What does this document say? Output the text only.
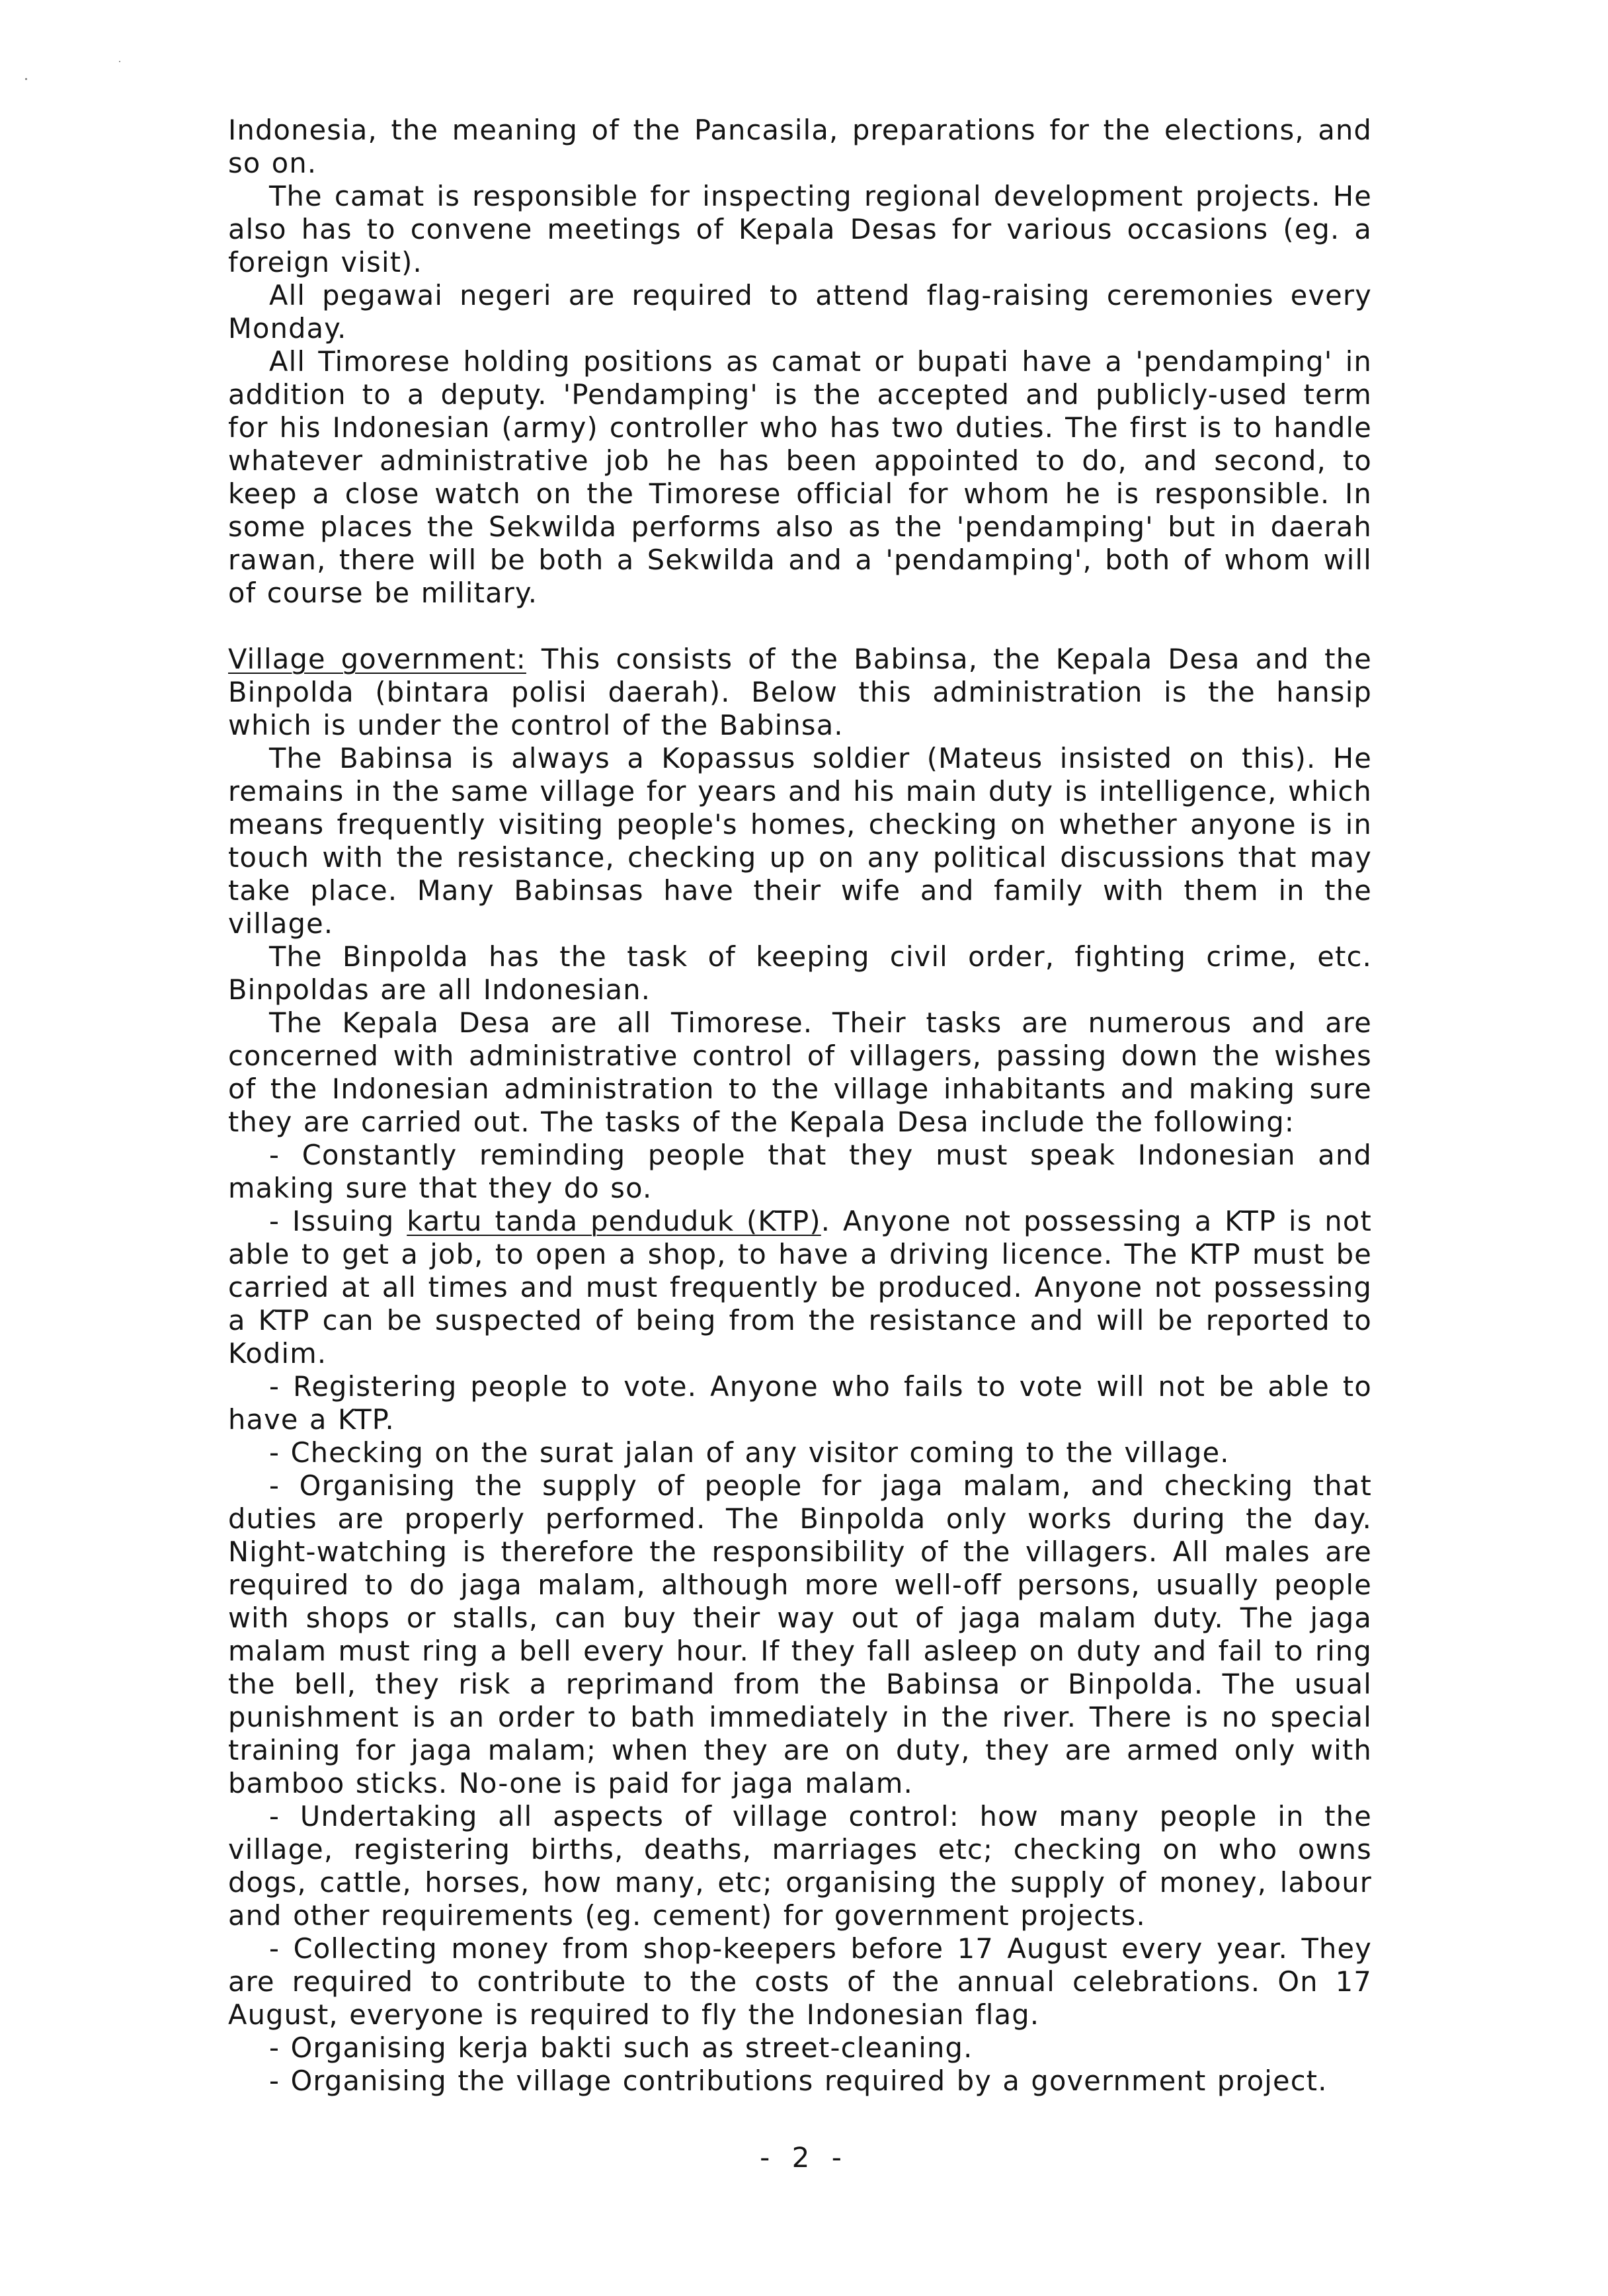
Indonesia, the meaning of the Pancasila, preparations for the elections, and so on.

The camat is responsible for inspecting regional development projects. He also has to convene meetings of Kepala Desas for various occasions (eg. a foreign visit).

All pegawai negeri are required to attend flag-raising ceremonies every Monday.

All Timorese holding positions as camat or bupati have a 'pendamping' in addition to a deputy. 'Pendamping' is the accepted and publicly-used term for his Indonesian (army) controller who has two duties. The first is to handle whatever administrative job he has been appointed to do, and second, to keep a close watch on the Timorese official for whom he is responsible. In some places the Sekwilda performs also as the 'pendamping' but in daerah rawan, there will be both a Sekwilda and a 'pendamping', both of whom will of course be military.

Village government: This consists of the Babinsa, the Kepala Desa and the Binpolda (bintara polisi daerah). Below this administration is the hansip which is under the control of the Babinsa.

The Babinsa is always a Kopassus soldier (Mateus insisted on this). He remains in the same village for years and his main duty is intelligence, which means frequently visiting people's homes, checking on whether anyone is in touch with the resistance, checking up on any political discussions that may take place. Many Babinsas have their wife and family with them in the village.

The Binpolda has the task of keeping civil order, fighting crime, etc. Binpoldas are all Indonesian.

The Kepala Desa are all Timorese. Their tasks are numerous and are concerned with administrative control of villagers, passing down the wishes of the Indonesian administration to the village inhabitants and making sure they are carried out. The tasks of the Kepala Desa include the following:

- Constantly reminding people that they must speak Indonesian and making sure that they do so.

- Issuing kartu tanda penduduk (KTP). Anyone not possessing a KTP is not able to get a job, to open a shop, to have a driving licence. The KTP must be carried at all times and must frequently be produced. Anyone not possessing a KTP can be suspected of being from the resistance and will be reported to Kodim.

- Registering people to vote. Anyone who fails to vote will not be able to have a KTP.

- Checking on the surat jalan of any visitor coming to the village.

- Organising the supply of people for jaga malam, and checking that duties are properly performed. The Binpolda only works during the day. Night-watching is therefore the responsibility of the villagers. All males are required to do jaga malam, although more well-off persons, usually people with shops or stalls, can buy their way out of jaga malam duty. The jaga malam must ring a bell every hour. If they fall asleep on duty and fail to ring the bell, they risk a reprimand from the Babinsa or Binpolda. The usual punishment is an order to bath immediately in the river. There is no special training for jaga malam; when they are on duty, they are armed only with bamboo sticks. No-one is paid for jaga malam.

- Undertaking all aspects of village control: how many people in the village, registering births, deaths, marriages etc; checking on who owns dogs, cattle, horses, how many, etc; organising the supply of money, labour and other requirements (eg. cement) for government projects.

- Collecting money from shop-keepers before 17 August every year. They are required to contribute to the costs of the annual celebrations. On 17 August, everyone is required to fly the Indonesian flag.

- Organising kerja bakti such as street-cleaning.

- Organising the village contributions required by a government project.

- 2 -
